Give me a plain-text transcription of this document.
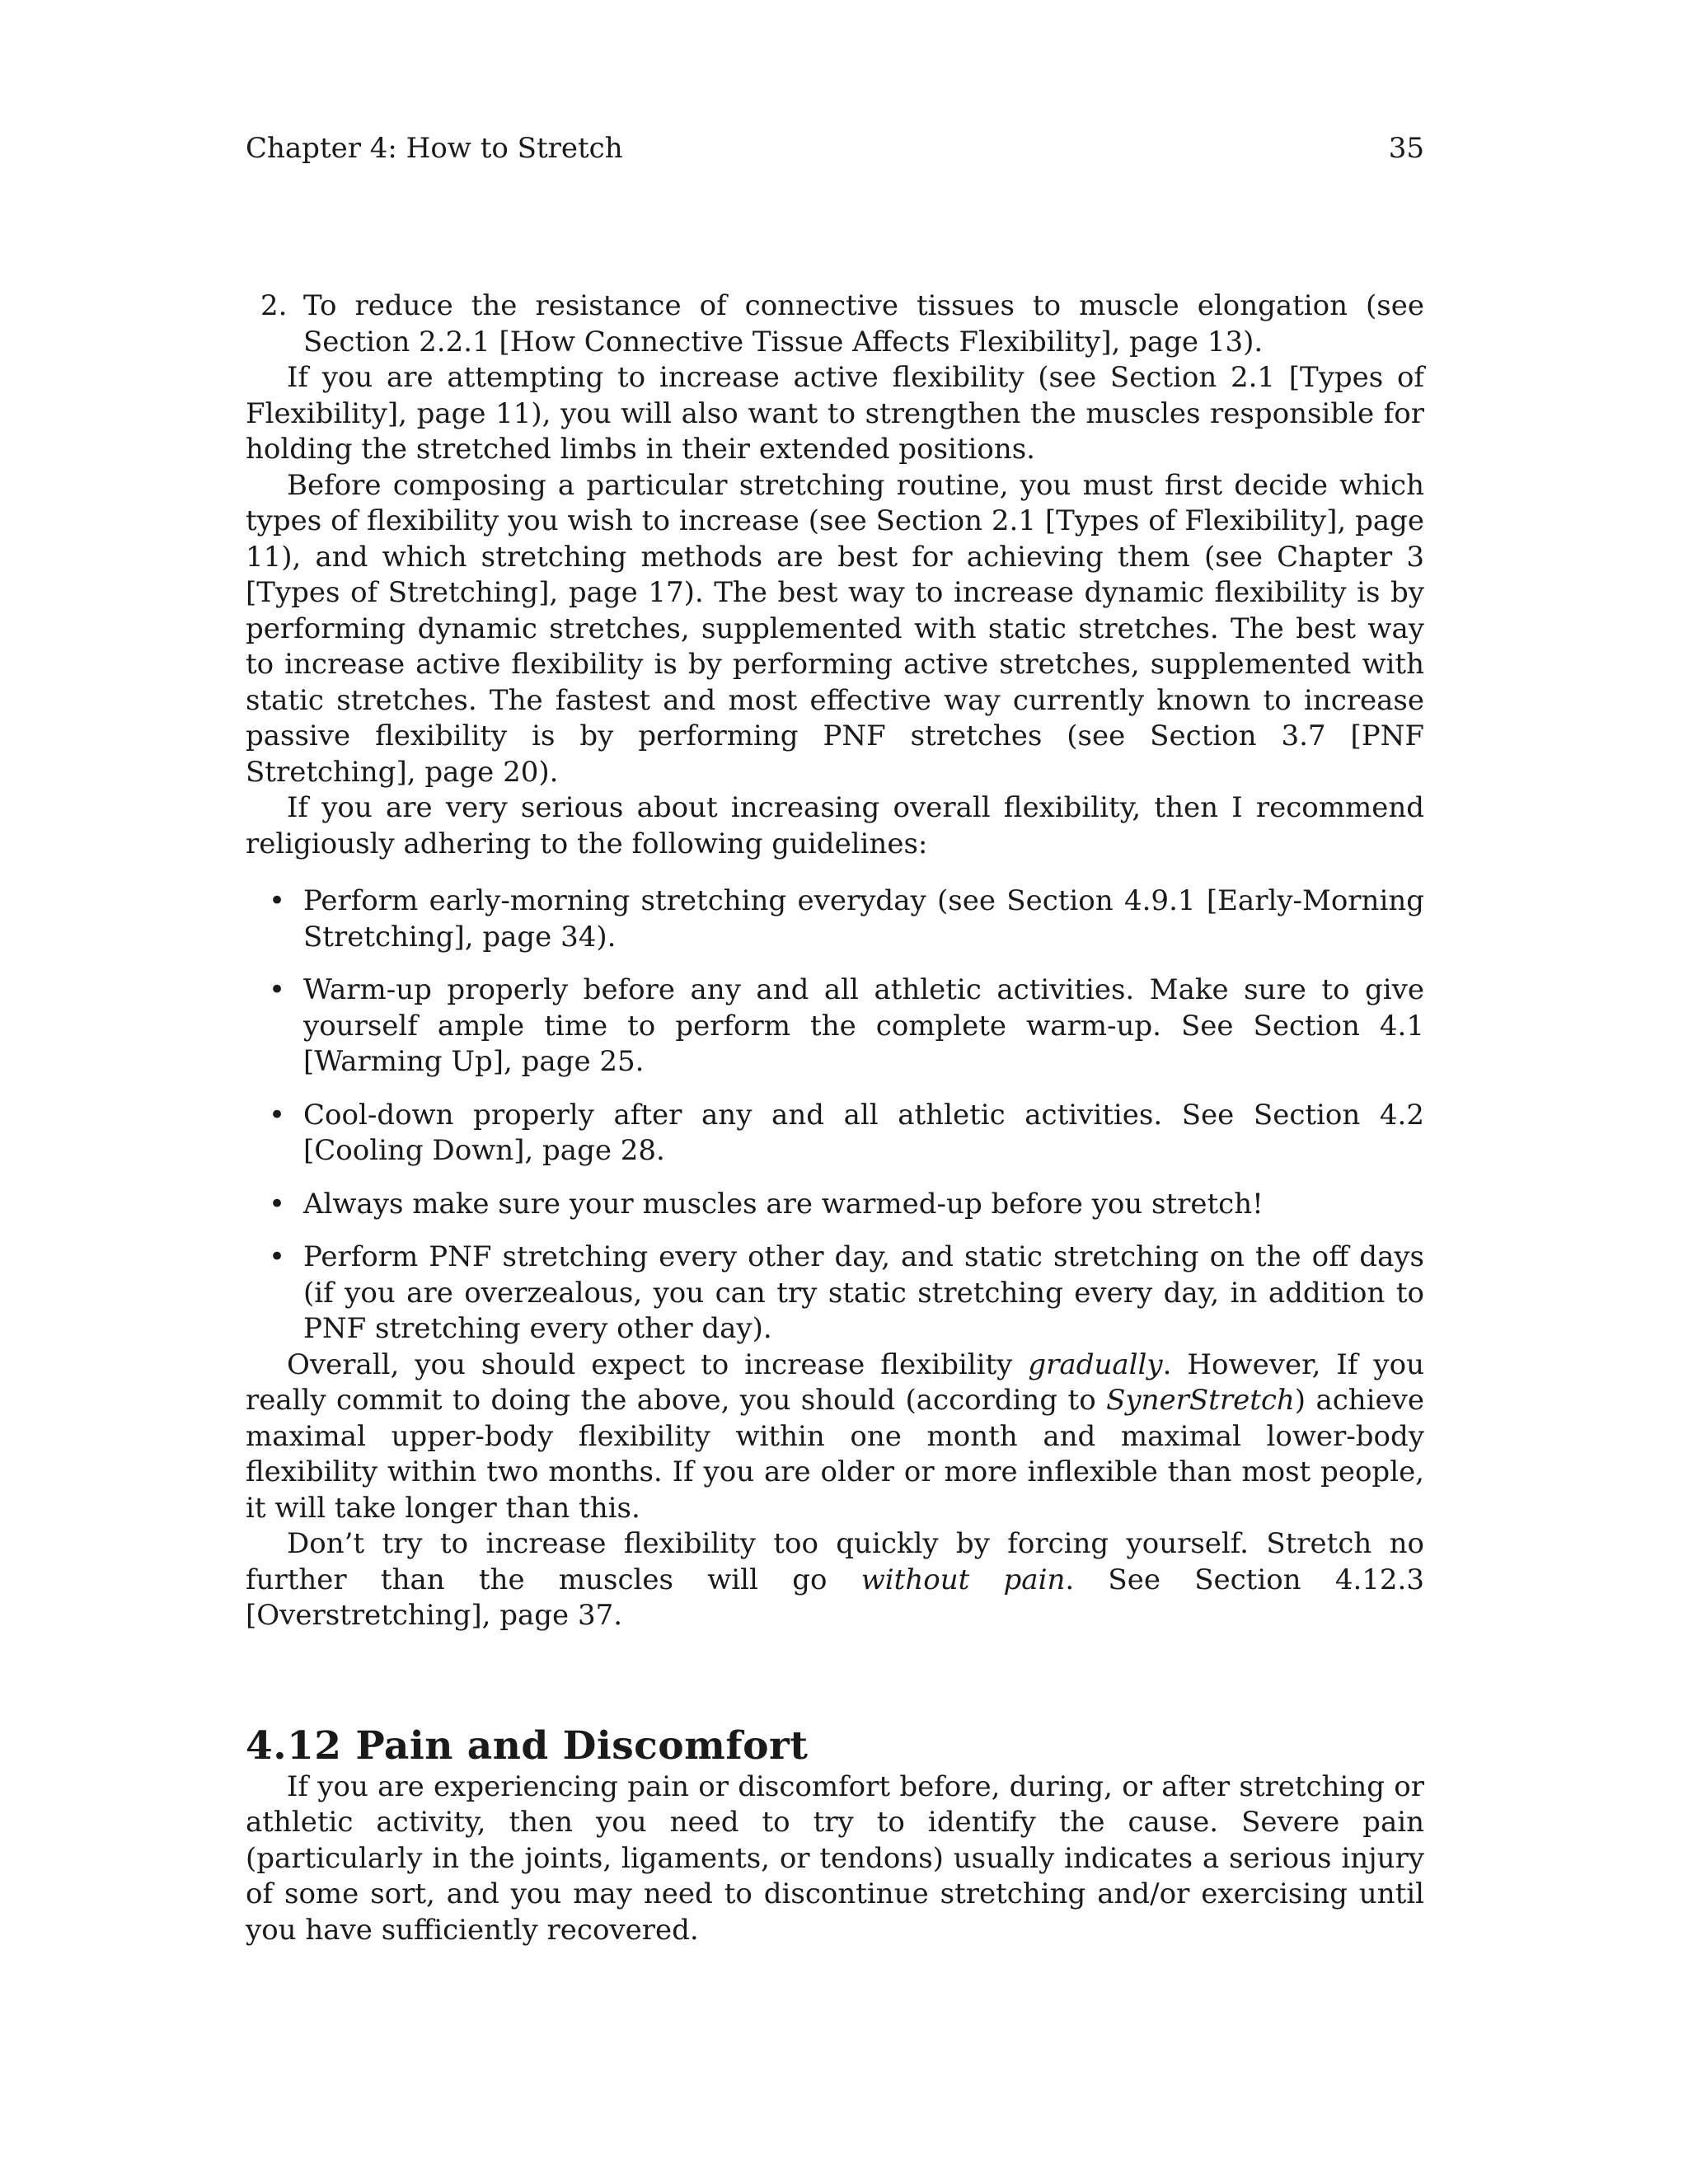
Chapter 4: How to Stretch	35
2. To reduce the resistance of connective tissues to muscle elongation (see Section 2.2.1 [How Connective Tissue Affects Flexibility], page 13).

If you are attempting to increase active flexibility (see Section 2.1 [Types of Flexibility], page 11), you will also want to strengthen the muscles responsible for holding the stretched limbs in their extended positions.

Before composing a particular stretching routine, you must first decide which types of flexibility you wish to increase (see Section 2.1 [Types of Flexibility], page 11), and which stretching methods are best for achieving them (see Chapter 3 [Types of Stretching], page 17). The best way to increase dynamic flexibility is by performing dynamic stretches, supplemented with static stretches. The best way to increase active flexibility is by performing active stretches, supplemented with static stretches. The fastest and most effective way currently known to increase passive flexibility is by performing PNF stretches (see Section 3.7 [PNF Stretching], page 20).

If you are very serious about increasing overall flexibility, then I recommend religiously adhering to the following guidelines:

• Perform early-morning stretching everyday (see Section 4.9.1 [Early-Morning Stretching], page 34).
• Warm-up properly before any and all athletic activities. Make sure to give yourself ample time to perform the complete warm-up. See Section 4.1 [Warming Up], page 25.
• Cool-down properly after any and all athletic activities. See Section 4.2 [Cooling Down], page 28.
• Always make sure your muscles are warmed-up before you stretch!
• Perform PNF stretching every other day, and static stretching on the off days (if you are overzealous, you can try static stretching every day, in addition to PNF stretching every other day).

Overall, you should expect to increase flexibility gradually. However, If you really commit to doing the above, you should (according to SynerStretch) achieve maximal upper-body flexibility within one month and maximal lower-body flexibility within two months. If you are older or more inflexible than most people, it will take longer than this.

Don’t try to increase flexibility too quickly by forcing yourself. Stretch no further than the muscles will go without pain. See Section 4.12.3 [Overstretching], page 37.

4.12 Pain and Discomfort

If you are experiencing pain or discomfort before, during, or after stretching or athletic activity, then you need to try to identify the cause. Severe pain (particularly in the joints, ligaments, or tendons) usually indicates a serious injury of some sort, and you may need to discontinue stretching and/or exercising until you have sufficiently recovered.
